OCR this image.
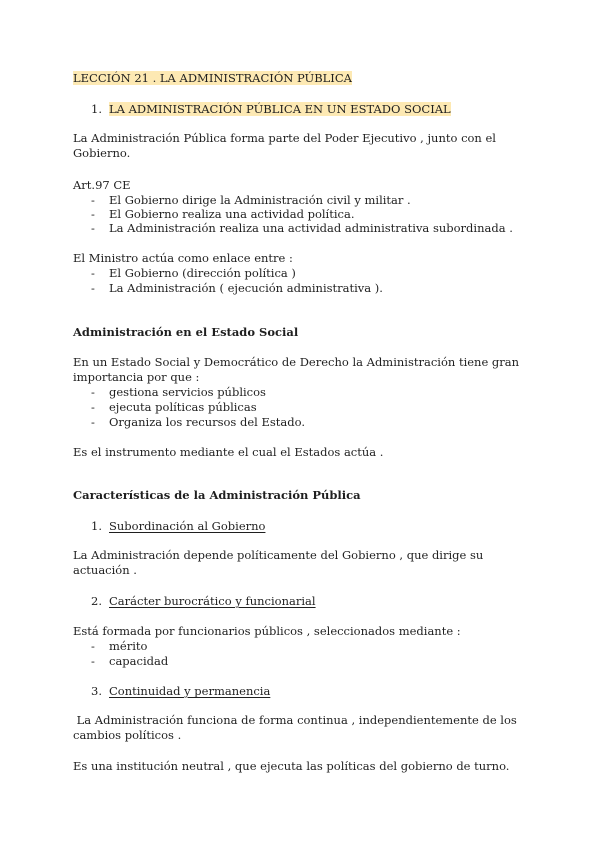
LECCIÓN 21 . LA ADMINISTRACIÓN PÚBLICA
1. LA ADMINISTRACIÓN PÚBLICA EN UN ESTADO SOCIAL
La Administración Pública forma parte del Poder Ejecutivo , junto con el Gobierno.
Art.97 CE
- El Gobierno dirige la Administración civil y militar .
- El Gobierno realiza una actividad política.
- La Administración realiza una actividad administrativa subordinada .
El Ministro actúa como enlace entre :
- El Gobierno (dirección política )
- La Administración ( ejecución administrativa ).
Administración en el Estado Social
En un Estado Social y Democrático de Derecho la Administración tiene gran importancia por que :
- gestiona servicios públicos
- ejecuta políticas públicas
- Organiza los recursos del Estado.
Es el instrumento mediante el cual el Estados actúa .
Características de la Administración Pública
1. Subordinación al Gobierno
La Administración depende políticamente del Gobierno , que dirige su actuación .
2. Carácter burocrático y funcionarial
Está formada por funcionarios públicos , seleccionados mediante :
- mérito
- capacidad
3. Continuidad y permanencia
La Administración funciona de forma continua , independientemente de los cambios políticos .
Es una institución neutral , que ejecuta las políticas del gobierno de turno.
